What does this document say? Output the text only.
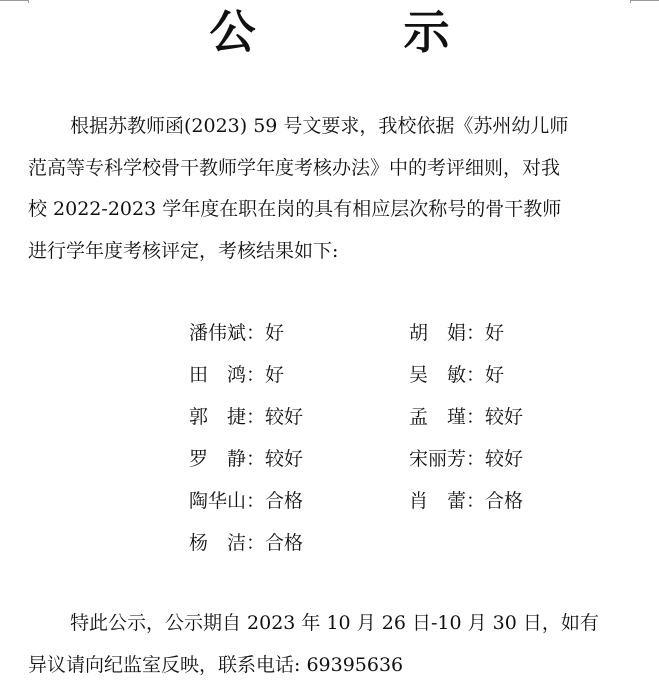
公 示
根据苏教师函(2023) 59 号文要求，我校依据《苏州幼儿师
范高等专科学校骨干教师学年度考核办法》中的考评细则，对我
校 2022-2023 学年度在职在岗的具有相应层次称号的骨干教师
进行学年度考核评定，考核结果如下:
潘伟斌：好	胡　娟：好
田　鸿：好	吴　敏：好
郭　捷：较好	孟　瑾：较好
罗　静：较好	宋丽芳：较好
陶华山：合格	肖　蕾：合格
杨　洁：合格
特此公示，公示期自 2023 年 10 月 26 日-10 月 30 日，如有
异议请向纪监室反映，联系电话: 69395636
